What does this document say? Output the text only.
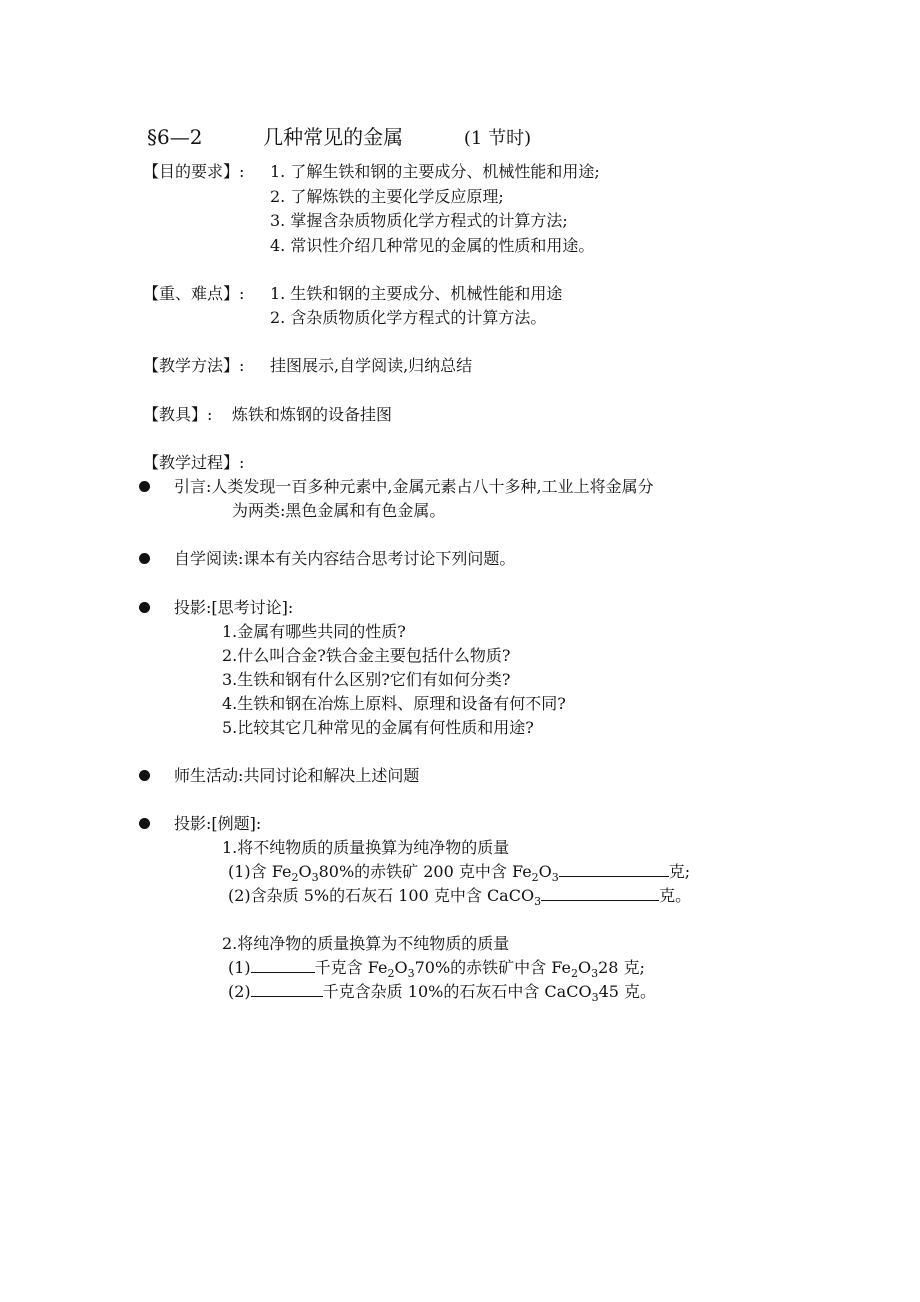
§6—2	几种常见的金属	(1 节时)
【目的要求】: 1. 了解生铁和钢的主要成分、机械性能和用途;
2. 了解炼铁的主要化学反应原理;
3. 掌握含杂质物质化学方程式的计算方法;
4. 常识性介绍几种常见的金属的性质和用途。
【重、难点】: 1. 生铁和钢的主要成分、机械性能和用途
2. 含杂质物质化学方程式的计算方法。
【教学方法】: 挂图展示,自学阅读,归纳总结
【教具】: 炼铁和炼钢的设备挂图
【教学过程】:
引言:人类发现一百多种元素中,金属元素占八十多种,工业上将金属分
为两类:黑色金属和有色金属。
自学阅读:课本有关内容结合思考讨论下列问题。
投影:[思考讨论]:
1.金属有哪些共同的性质?
2.什么叫合金?铁合金主要包括什么物质?
3.生铁和钢有什么区别?它们有如何分类?
4.生铁和钢在冶炼上原料、原理和设备有何不同?
5.比较其它几种常见的金属有何性质和用途?
师生活动:共同讨论和解决上述问题
投影:[例题]:
1.将不纯物质的质量换算为纯净物的质量
(1)含 $Fe_2O_380\%$的赤铁矿 200 克中含 $Fe_2O_3$	克;
(2)含杂质 5%的石灰石 100 克中含 CaCO$_3$	克。
2.将纯净物的质量换算为不纯物质的质量
(1)	千克含 $Fe_2O_370\%$的赤铁矿中含 $Fe_2O_328$ 克;
(2)	千克含杂质 10%的石灰石中含 CaCO$_3$45 克。
